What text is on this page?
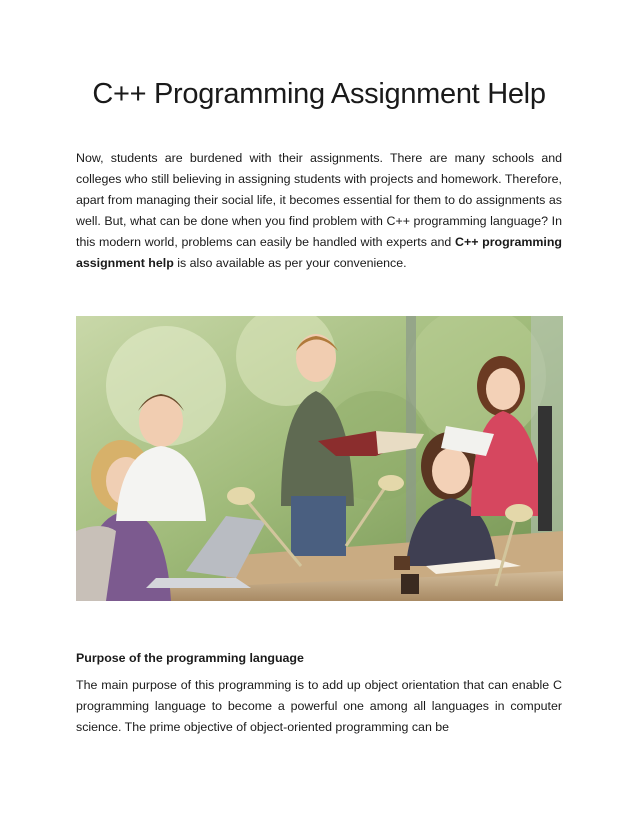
C++ Programming Assignment Help

Now, students are burdened with their assignments. There are many schools and colleges who still believing in assigning students with projects and homework. Therefore, apart from managing their social life, it becomes essential for them to do assignments as well. But, what can be done when you find problem with C++ programming language? In this modern world, problems can easily be handled with experts and C++ programming assignment help is also available as per your convenience.

Purpose of the programming language

The main purpose of this programming is to add up object orientation that can enable C programming language to become a powerful one among all languages in computer science. The prime objective of object-oriented programming can be
